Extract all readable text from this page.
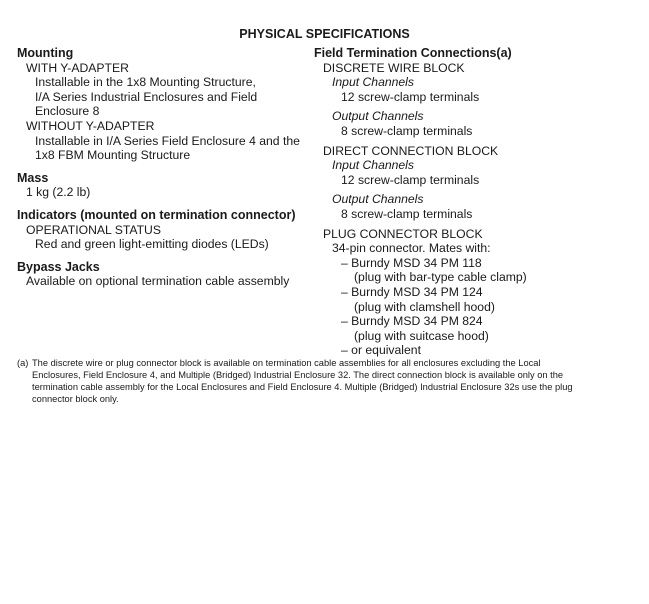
PHYSICAL SPECIFICATIONS
Mounting
WITH Y-ADAPTER
Installable in the 1x8 Mounting Structure,
I/A Series Industrial Enclosures and Field
Enclosure 8
WITHOUT Y-ADAPTER
Installable in I/A Series Field Enclosure 4 and the
1x8 FBM Mounting Structure
Mass
1 kg (2.2 lb)
Indicators (mounted on termination connector)
OPERATIONAL STATUS
Red and green light-emitting diodes (LEDs)
Bypass Jacks
Available on optional termination cable assembly
Field Termination Connections(a)
DISCRETE WIRE BLOCK
Input Channels
12 screw-clamp terminals
Output Channels
8 screw-clamp terminals
DIRECT CONNECTION BLOCK
Input Channels
12 screw-clamp terminals
Output Channels
8 screw-clamp terminals
PLUG CONNECTOR BLOCK
34-pin connector. Mates with:
– Burndy MSD 34 PM 118
(plug with bar-type cable clamp)
– Burndy MSD 34 PM 124
(plug with clamshell hood)
– Burndy MSD 34 PM 824
(plug with suitcase hood)
– or equivalent
(a) The discrete wire or plug connector block is available on termination cable assemblies for all enclosures excluding the Local
Enclosures, Field Enclosure 4, and Multiple (Bridged) Industrial Enclosure 32. The direct connection block is available only on the
termination cable assembly for the Local Enclosures and Field Enclosure 4. Multiple (Bridged) Industrial Enclosure 32s use the plug
connector block only.
